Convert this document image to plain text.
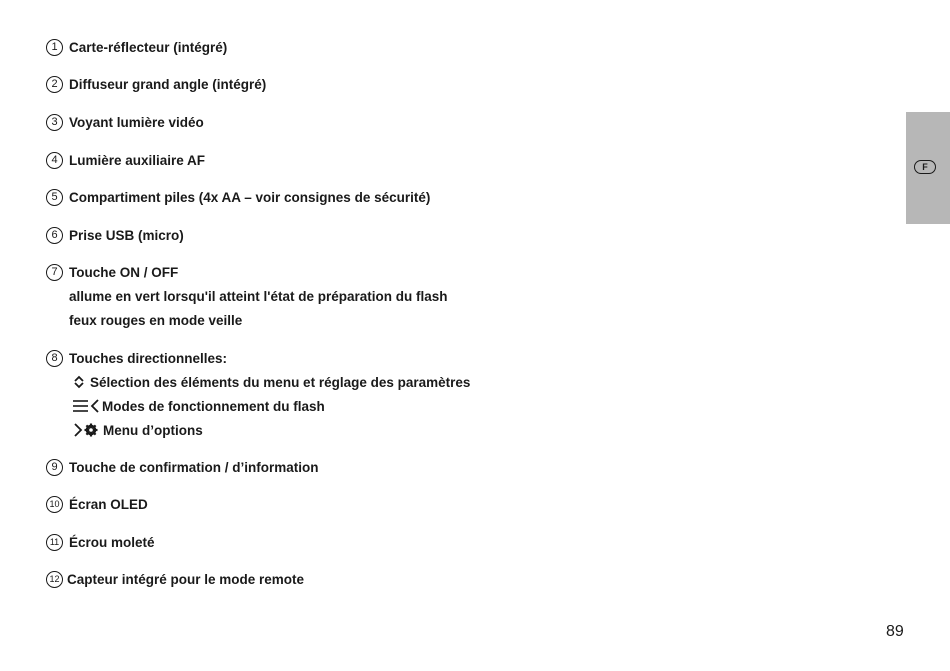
1 Carte-réflecteur (intégré)
2 Diffuseur grand angle (intégré)
3 Voyant lumière vidéo
4 Lumière auxiliaire AF
5 Compartiment piles (4x AA – voir consignes de sécurité)
6 Prise USB (micro)
7 Touche ON / OFF
allume en vert lorsqu'il atteint l'état de préparation du flash
feux rouges en mode veille
8 Touches directionnelles:
Sélection des éléments du menu et réglage des paramètres
Modes de fonctionnement du flash
Menu d’options
9 Touche de confirmation / d’information
10 Écran OLED
11 Écrou moleté
12 Capteur intégré pour le mode remote
F
89
